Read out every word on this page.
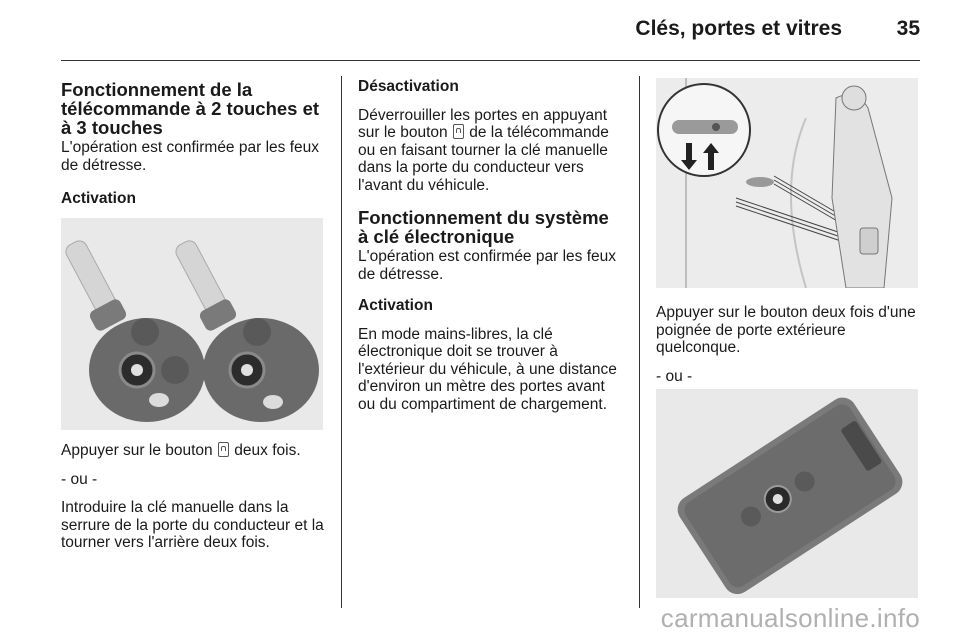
Clés, portes et vitres	35
Fonctionnement de la télécommande à 2 touches et à 3 touches

L'opération est confirmée par les feux de détresse.

Activation

Appuyer sur le bouton deux fois.

- ou -

Introduire la clé manuelle dans la serrure de la porte du conducteur et la tourner vers l'arrière deux fois.

Désactivation

Déverrouiller les portes en appuyant sur le bouton de la télécommande ou en faisant tourner la clé manuelle dans la porte du conducteur vers l'avant du véhicule.

Fonctionnement du système à clé électronique

L'opération est confirmée par les feux de détresse.

Activation

En mode mains-libres, la clé électronique doit se trouver à l'extérieur du véhicule, à une distance d'environ un mètre des portes avant ou du compartiment de chargement.

Appuyer sur le bouton deux fois d'une poignée de porte extérieure quelconque.

- ou -

carmanualsonline.info
